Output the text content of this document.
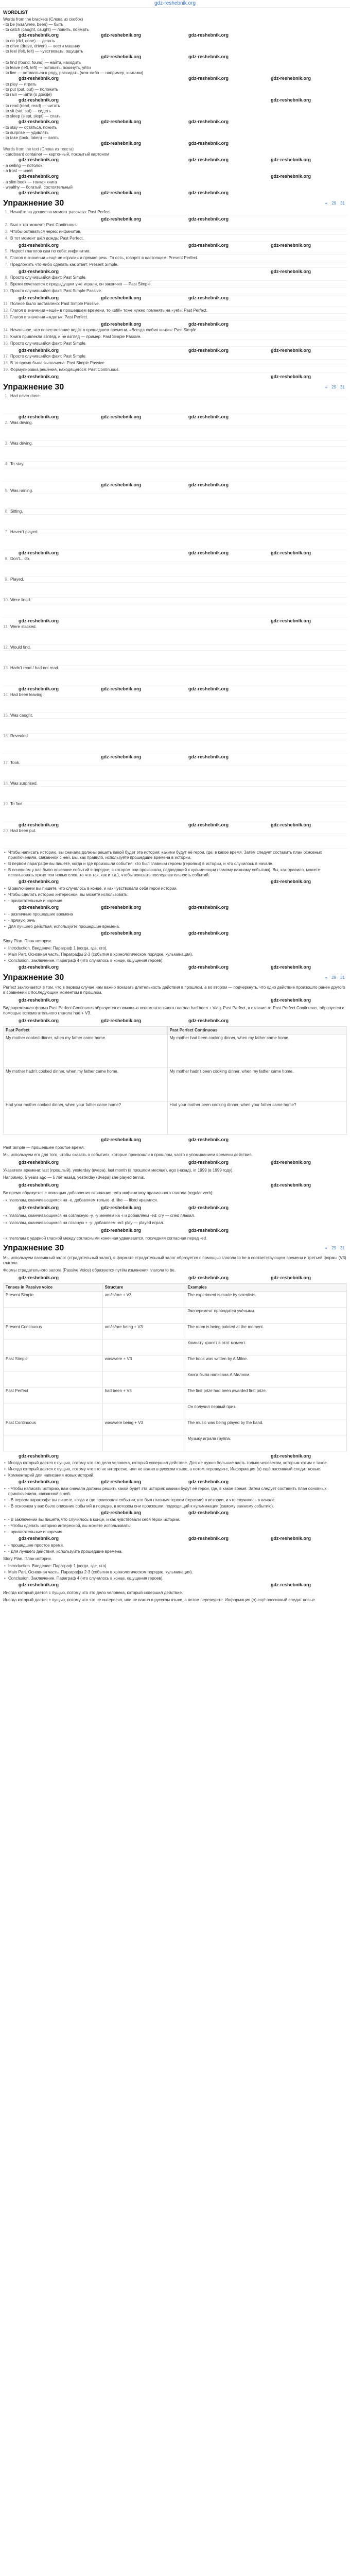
gdz-reshebnik.org
WORDLIST
Words from the brackets (Слова из скобок)
- to be (was/were, been) — быть
- to catch (caught, caught) — ловить, поймать
gdz-reshebnik.org	gdz-reshebnik.org	gdz-reshebnik.org
- to do (did, done) — делать
- to drive (drove, driven) — вести машину
- to feel (felt, felt) — чувствовать, ощущать
gdz-reshebnik.org	gdz-reshebnik.org
- to find (found, found) — найти, находить
- to leave (left, left) — оставить, покинуть, уйти
- to live — оставаться в ряду, раскидать (чем-либо — например, книгами)
gdz-reshebnik.org	gdz-reshebnik.org
gdz-reshebnik.org
- to play — играть
- to put (put, put) — положить
- to rain — идти (о дожде)
gdz-reshebnik.org
gdz-reshebnik.org
- to read (read, read) — читать
- to sit (sat, sat) — сидеть
- to sleep (slept, slept) — спать
gdz-reshebnik.org	gdz-reshebnik.org	gdz-reshebnik.org
- to stay — остаться, пожить
- to surprise — удивлять
- to take (took, taken) — взять
gdz-reshebnik.org	gdz-reshebnik.org
Words from the text (Слова из текста)
- cardboard container — картонный, покрытый картоном
gdz-reshebnik.org	gdz-reshebnik.org
gdz-reshebnik.org
- a ceiling — потолок
- a frost — иней
gdz-reshebnik.org
gdz-reshebnik.org
- a slim book — тонкая книга
- wealthy — богатый, состоятельный
gdz-reshebnik.org	gdz-reshebnik.org	gdz-reshebnik.org
Упражнение 30	« 29 31
1. Начнёте на дюшес на момент рассказа: Past Perfect.
gdz-reshebnik.org	gdz-reshebnik.org
2. Был к тот момент: Past Continuous.
3. Чтобы оставаться через: инфинитив.
4. В тот момент шёл дождь: Past Perfect.
gdz-reshebnik.org	gdz-reshebnik.org
gdz-reshebnik.org
5. Нарост глаголов сам по себе: инфинитив.
6. Глагол в значении «ещё не играли» и прямая речь. То есть, говорят в настоящем: Present Perfect.
7. Предложить что-либо сделать как ответ: Present Simple.
gdz-reshebnik.org
gdz-reshebnik.org
8. Просто случившийся факт: Past Simple.
9. Время сочетается с предыдущим уже играли, он закончил — Past Simple.
10. Просто случившийся факт: Past Simple Passive.
gdz-reshebnik.org	gdz-reshebnik.org	gdz-reshebnik.org
11. Полное было заставлено: Past Simple Passive.
12. Глагол в значении «ещё» в прошедшем времени, то «still» тоже нужно поменять на «yet»: Past Perfect.
13. Глагол в значении «ждать»: Past Perfect.
gdz-reshebnik.org	gdz-reshebnik.org
14. Начальное, что повествование ведёт в прошедшем времени. «Всегда любил книги»: Past Simple.
15. Книга привлекла взгляд, и не взгляд — пример: Past Simple Passive.
16. Просто случившийся факт: Past Simple.
gdz-reshebnik.org	gdz-reshebnik.org
gdz-reshebnik.org
17. Просто случившийся факт: Past Simple.
18. В то время была выплачена: Past Simple Passive.
19. Формулировка решения, находящегося: Past Continuous.
gdz-reshebnik.org
gdz-reshebnik.org
Упражнение 30	« 29 31
1. Had never done.
gdz-reshebnik.org	gdz-reshebnik.org	gdz-reshebnik.org
2. Was driving.
3. Was driving.
4. To stay.
gdz-reshebnik.org	gdz-reshebnik.org
5. Was raining.
6. Sitting.
7. Haven't played.
gdz-reshebnik.org	gdz-reshebnik.org
gdz-reshebnik.org
8. Don't... do.
9. Played.
10. Were lined.
gdz-reshebnik.org
gdz-reshebnik.org
11. Were stacked.
12. Would find.
13. Hadn't read / had not read.
gdz-reshebnik.org	gdz-reshebnik.org	gdz-reshebnik.org
14. Had been leaving.
15. Was caught.
16. Revealed.
gdz-reshebnik.org	gdz-reshebnik.org
17. Took.
18. Was surprised.
19. To find.
gdz-reshebnik.org	gdz-reshebnik.org
gdz-reshebnik.org
20. Had been put.
• Чтобы написать историю, вы сначала должны решить какой будет эта история: какими будут её герои, где, в какое время. Затем следует составить план основных приключениям, связанной с ней. Вы, как правило, используете прошедшие времена в истории.
• В первом параграфе вы пишете, когда и где произошли события, кто был главным героем (героями) в истории, и что случилось в начале.
• В основном у вас было описание событий в порядке, в котором они произошли, подводящий к кульминации (самому важному событию). Вы, как правило, можете использовать яркие тем новых слов, то что-так, как и т.д.), чтобы показать последовательность событий.
gdz-reshebnik.org
gdz-reshebnik.org
• В заключении вы пишете, что случилось в конце, и как чувствовали себя герои истории.
• Чтобы сделать историю интересной, вы можете использовать:
• - прилагательные и наречия
gdz-reshebnik.org	gdz-reshebnik.org	gdz-reshebnik.org
• - различные прошедшие времена
• - прямую речь
• Для лучшего действия, используйте прошедшие времена.
gdz-reshebnik.org	gdz-reshebnik.org
Story Plan. План истории.
• Introduction. Введение: Параграф 1 (когда, где, кто).
• Main Part. Основная часть. Параграфы 2-3 (события в хронологическом порядке, кульминация).
• Conclusion. Заключение. Параграф 4 (что случилось в конце, ощущения героев).
gdz-reshebnik.org	gdz-reshebnik.org
gdz-reshebnik.org
Упражнение 30	« 29 31
Perfect заключается в том, что в первом случае нам важно показать длительность действия в прошлом, а во втором — подчеркнуть, что одно действие произошло ранее другого в сравнении с последующим моментом в прошлом.
gdz-reshebnik.org
gdz-reshebnik.org
Видовременная форма Past Perfect Continuous образуется с помощью вспомогательного глагола had been + Ving. Past Perfect, в отличие от Past Perfect Continuous, образуется с помощью вспомогательного глагола had + V3.
gdz-reshebnik.org	gdz-reshebnik.org	gdz-reshebnik.org
Past Perfect	Past Perfect Continuous
My mother cooked dinner, when my father came home.	My mother had been cooking dinner, when my father came home.
My mother hadn't cooked dinner, when my father came home.	My mother hadn't been cooking dinner, when my father came home.
Had your mother cooked dinner, when your father came home?	Had your mother been cooking dinner, when your father came home?
gdz-reshebnik.org	gdz-reshebnik.org
Past Simple — прошедшее простое время.
Мы используем его для того, чтобы сказать о событиях, которые произошли в прошлом, часто с упоминанием времени действия.
gdz-reshebnik.org	gdz-reshebnik.org
gdz-reshebnik.org
Указатели времени: last (прошлый), yesterday (вчера), last month (в прошлом месяце), ago (назад), in 1999 (в 1999 году).
Например, 5 years ago — 5 лет назад, yesterday (Вчера) she played tennis.
gdz-reshebnik.org
gdz-reshebnik.org
Во время образуется с помощью добавления окончания -ed к инфинитиву правильного глагола (regular verb):
- к глаголам, оканчивающимся на -е, добавляем только -d. like — liked нравился.
gdz-reshebnik.org	gdz-reshebnik.org	gdz-reshebnik.org
- к глаголам, оканчивающимся на согласную -у, -у меняем на -i и добавляем -ed: cry — cried плакал.
- к глаголам, оканчивающимся на гласную + -у: добавляем -ed: play — played играл.
gdz-reshebnik.org	gdz-reshebnik.org
- к глаголам с ударной гласной между согласными конечная удваивается, последняя согласная перед -ed.
Упражнение 30	« 29 31
Мы используем пассивный залог (страдательный залог), в формате страдательный залог образуется с помощью глагола to be в соответствующем времени и третьей формы (V3) глагола.
Формы страдательного залога (Passive Voice) образуются путём изменения глагола to be.
gdz-reshebnik.org	gdz-reshebnik.org
gdz-reshebnik.org
Tenses in Passive voice	Structure	Examples
Present Simple	am/is/are + V3	The experiment is made by scientists.
		Эксперимент проводится учёными.
Present Continuous	am/is/are being + V3	The room is being painted at the moment.
		Комнату красят в этот момент.
Past Simple	was/were + V3	The book was written by A.Milne.
		Книга была написана А.Милном.
Past Perfect	had been + V3	The first prize had been awarded first prize.
		Он получил первый приз.
Past Continuous	was/were being + V3	The music was being played by the band.
		Музыку играла группа.
gdz-reshebnik.org
gdz-reshebnik.org
• Иногда который дается с пущью, потому что это дело человека, который совершил действие. Для же нужно большие часть только человеком, которым хотим с такое.
• Иногда который дается с пущью, потому что это не интересно, или не важно в русском языке, а потом переведите, Информация (о) ещё пассивный следит новые.
• Комментарий для написания новых историй.
gdz-reshebnik.org	gdz-reshebnik.org	gdz-reshebnik.org
• - Чтобы написать историю, вам сначала должны решить какой будет эта история: какими будут её герои, где, в какое время. Затем следует составить план основных приключениям, связанной с ней.
• - В первом параграфе вы пишете, когда и где произошли события, кто был главным героем (героями) в истории, и что случилось в начале.
• - В основном у вас было описание событий в порядке, в котором они произошли, подводящий к кульминации (самому важному событию).
gdz-reshebnik.org	gdz-reshebnik.org
• - В заключении вы пишете, что случилось в конце, и как чувствовали себя герои истории.
• - Чтобы сделать историю интересной, вы можете использовать:
• - прилагательные и наречия
gdz-reshebnik.org	gdz-reshebnik.org
gdz-reshebnik.org
• - прошедшее простое время.
• - Для лучшего действия, используйте прошедшие времена.
Story Plan. План истории.
• Introduction. Введение: Параграф 1 (когда, где, кто).
• Main Part. Основная часть. Параграфы 2-3 (события в хронологическом порядке, кульминация).
• Conclusion. Заключение. Параграф 4 (что случилось в конце, ощущения героев).
gdz-reshebnik.org
gdz-reshebnik.org
Иногда который дается с пущью, потому что это дело человека, который совершил действие.
Иногда который дается с пущью, потому что это не интересно, или не важно в русском языке, а потом переведите. Информация (о) ещё пассивный следит новые.
